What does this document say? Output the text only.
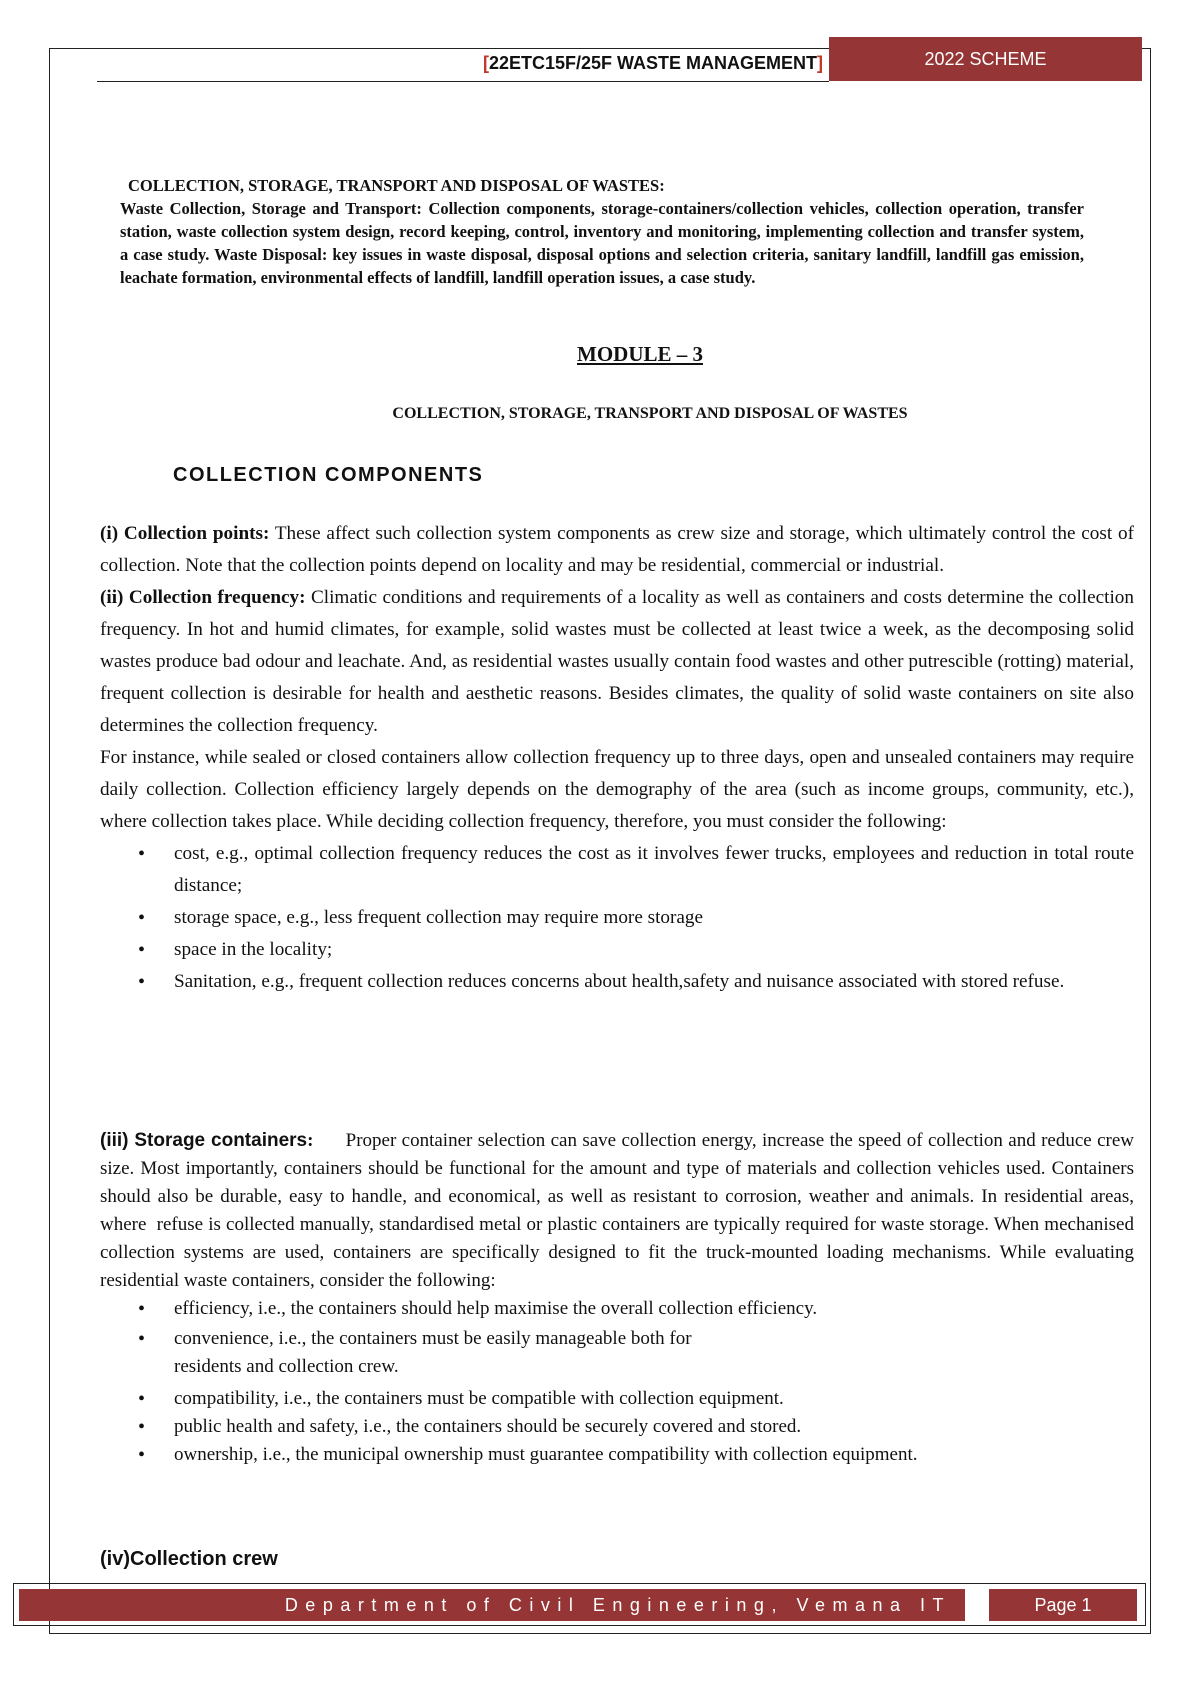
[22ETC15F/25F WASTE MANAGEMENT]	2022 SCHEME
COLLECTION, STORAGE, TRANSPORT AND DISPOSAL OF WASTES:
Waste Collection, Storage and Transport: Collection components, storage-containers/collection vehicles, collection operation, transfer station, waste collection system design, record keeping, control, inventory and monitoring, implementing collection and transfer system, a case study. Waste Disposal: key issues in waste disposal, disposal options and selection criteria, sanitary landfill, landfill gas emission, leachate formation, environmental effects of landfill, landfill operation issues, a case study.
MODULE – 3
COLLECTION, STORAGE, TRANSPORT AND DISPOSAL OF WASTES
COLLECTION COMPONENTS

(i) Collection points: These affect such collection system components as crew size and storage, which ultimately control the cost of collection. Note that the collection points depend on locality and may be residential, commercial or industrial.

(ii) Collection frequency: Climatic conditions and requirements of a locality as well as containers and costs determine the collection frequency. In hot and humid climates, for example, solid wastes must be collected at least twice a week, as the decomposing solid wastes produce bad odour and leachate. And, as residential wastes usually contain food wastes and other putrescible (rotting) material, frequent collection is desirable for health and aesthetic reasons. Besides climates, the quality of solid waste containers on site also determines the collection frequency.

For instance, while sealed or closed containers allow collection frequency up to three days, open and unsealed containers may require daily collection. Collection efficiency largely depends on the demography of the area (such as income groups, community, etc.), where collection takes place. While deciding collection frequency, therefore, you must consider the following:

• cost, e.g., optimal collection frequency reduces the cost as it involves fewer trucks, employees and reduction in total route distance;
• storage space, e.g., less frequent collection may require more storage
• space in the locality;
• Sanitation, e.g., frequent collection reduces concerns about health,safety and nuisance associated with stored refuse.

(iii) Storage containers:      Proper container selection can save collection energy, increase the speed of collection and reduce crew size. Most importantly, containers should be functional for the amount and type of materials and collection vehicles used. Containers should also be durable, easy to handle, and economical, as well as resistant to corrosion, weather and animals. In residential areas, where  refuse is collected manually, standardised metal or plastic containers are typically required for waste storage. When mechanised collection systems are used, containers are specifically designed to fit the truck-mounted loading mechanisms. While evaluating residential waste containers, consider the following:

• efficiency, i.e., the containers should help maximise the overall collection efficiency.
• convenience, i.e., the containers must be easily manageable both for
residents and collection crew.
• compatibility, i.e., the containers must be compatible with collection equipment.
• public health and safety, i.e., the containers should be securely covered and stored.
• ownership, i.e., the municipal ownership must guarantee compatibility with collection equipment.
(iv)Collection crew
Department of Civil Engineering, Vemana IT	Page 1
